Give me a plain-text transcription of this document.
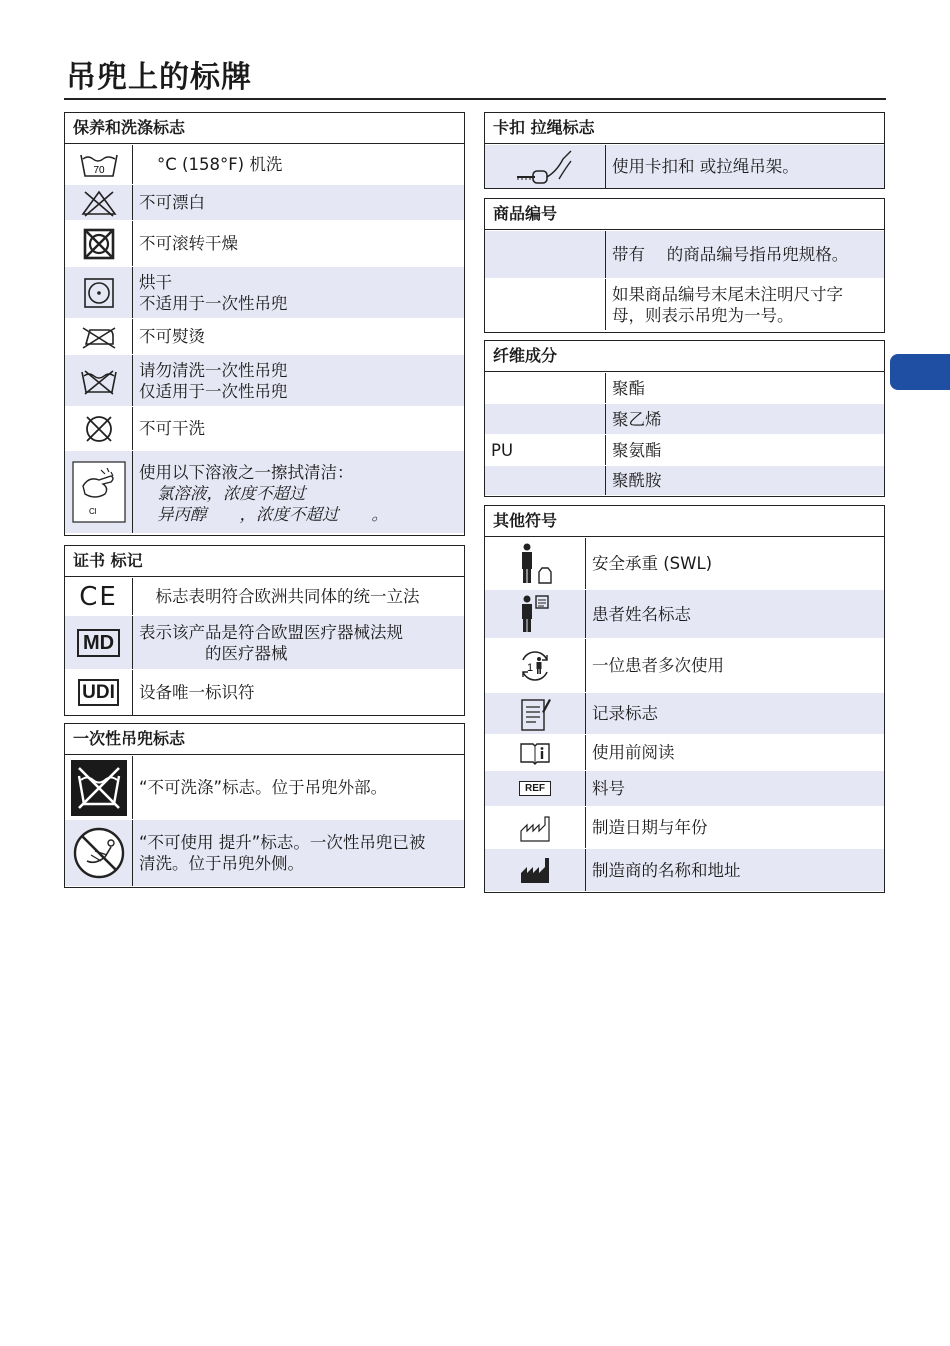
吊兜上的标牌
保养和洗涤标志
70	°C (158°F) 机洗
不可漂白
不可滚转干燥
烘干
不适用于一次性吊兜
不可熨烫
请勿清洗一次性吊兜
仅适用于一次性吊兜
不可干洗
Cl
使用以下溶液之一擦拭清洁：
氯溶液，浓度不超过
异丙醇　　，浓度不超过　　。
证书 标记
CE 　标志表明符合欧洲共同体的统一立法
MD	表示该产品是符合欧盟医疗器械法规
　　　　的医疗器械
UDI 设备唯一标识符
一次性吊兜标志
“不可洗涤”标志。位于吊兜外部。
“不可使用 提升”标志。一次性吊兜已被
清洗。位于吊兜外侧。
卡扣 拉绳标志
使用卡扣和 或拉绳吊架。
商品编号
带有　 的商品编号指吊兜规格。
如果商品编号末尾未注明尺寸字
母，则表示吊兜为一号。
纤维成分
聚酯
聚乙烯
PU	聚氨酯
聚酰胺
其他符号
安全承重 (SWL)
患者姓名标志
1	一位患者多次使用
记录标志
使用前阅读
REF	料号
制造日期与年份
制造商的名称和地址
